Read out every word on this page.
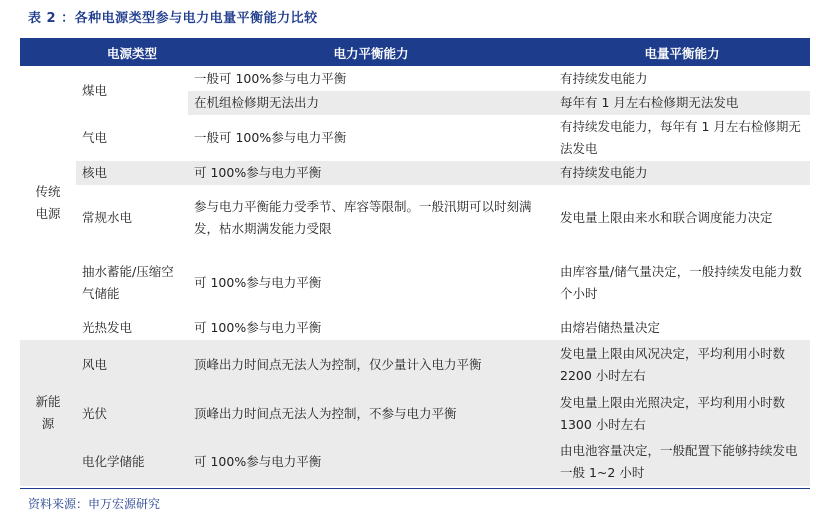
表 2 ：各种电源类型参与电力电量平衡能力比较
	电源类型	电力平衡能力	电量平衡能力

传统
电源	煤电	一般可 100%参与电力平衡	有持续发电能力
		在机组检修期无法出力	每年有 1 月左右检修期无法发电
	气电	一般可 100%参与电力平衡	有持续发电能力，每年有 1 月左右检修期无法发电
	核电	可 100%参与电力平衡	有持续发电能力
	常规水电	参与电力平衡能力受季节、库容等限制。一般汛期可以时刻满发，枯水期满发能力受限	发电量上限由来水和联合调度能力决定
	抽水蓄能/压缩空气储能	可 100%参与电力平衡	由库容量/储气量决定，一般持续发电能力数个小时
	光热发电	可 100%参与电力平衡	由熔岩储热量决定

新能
源	风电	顶峰出力时间点无法人为控制，仅少量计入电力平衡	发电量上限由风况决定，平均利用小时数 2200 小时左右
	光伏	顶峰出力时间点无法人为控制，不参与电力平衡	发电量上限由光照决定，平均利用小时数 1300 小时左右
	电化学储能	可 100%参与电力平衡	由电池容量决定，一般配置下能够持续发电一般 1~2 小时
资料来源：申万宏源研究
